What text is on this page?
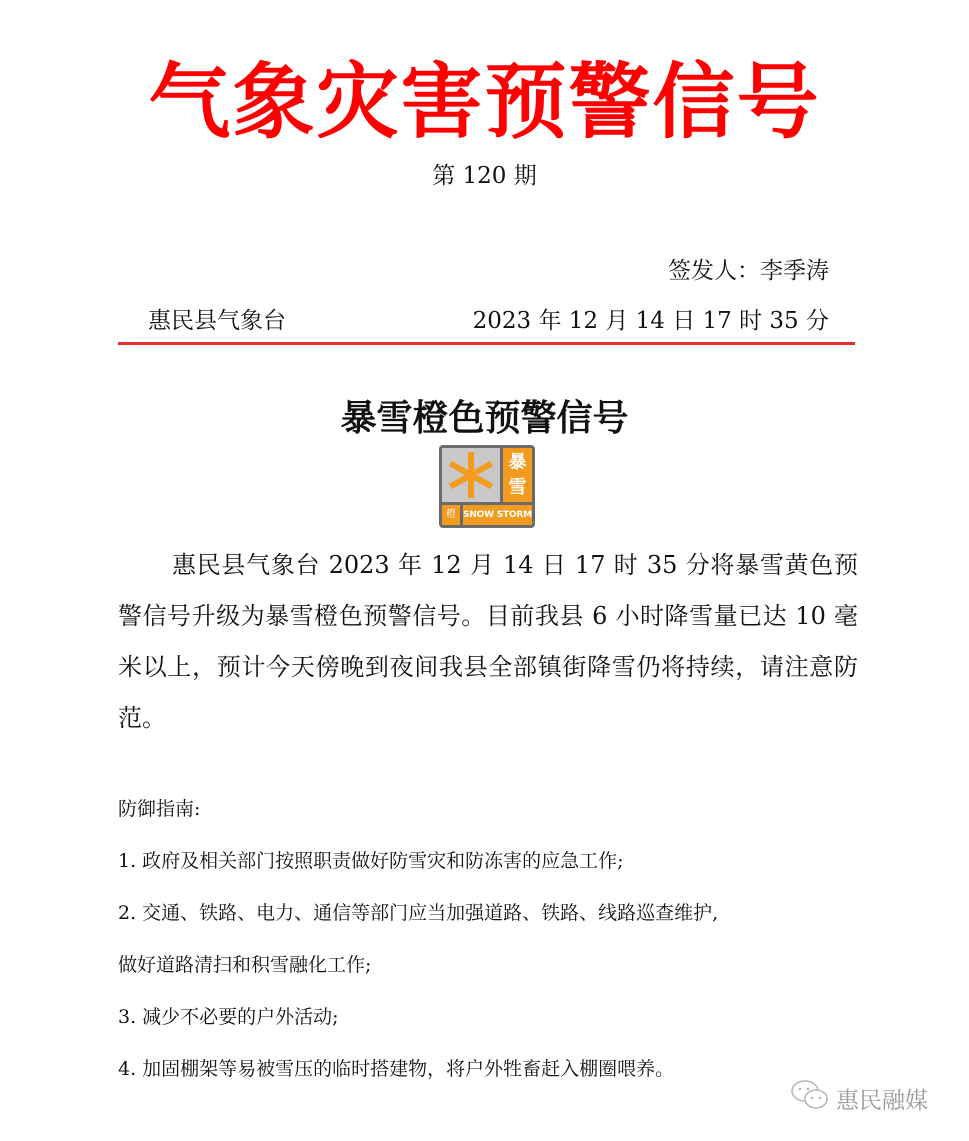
气象灾害预警信号
第 120 期
签发人：李季涛
惠民县气象台	2023 年 12 月 14 日 17 时 35 分
暴雪橙色预警信号
暴
雪
橙 SNOW STORM
惠民县气象台 2023 年 12 月 14 日 17 时 35 分将暴雪黄色预警信号升级为暴雪橙色预警信号。目前我县 6 小时降雪量已达 10 毫米以上，预计今天傍晚到夜间我县全部镇街降雪仍将持续，请注意防范。
防御指南:
1. 政府及相关部门按照职责做好防雪灾和防冻害的应急工作;
2. 交通、铁路、电力、通信等部门应当加强道路、铁路、线路巡查维护,
做好道路清扫和积雪融化工作;
3. 减少不必要的户外活动;
4. 加固棚架等易被雪压的临时搭建物，将户外牲畜赶入棚圈喂养。
惠民融媒
